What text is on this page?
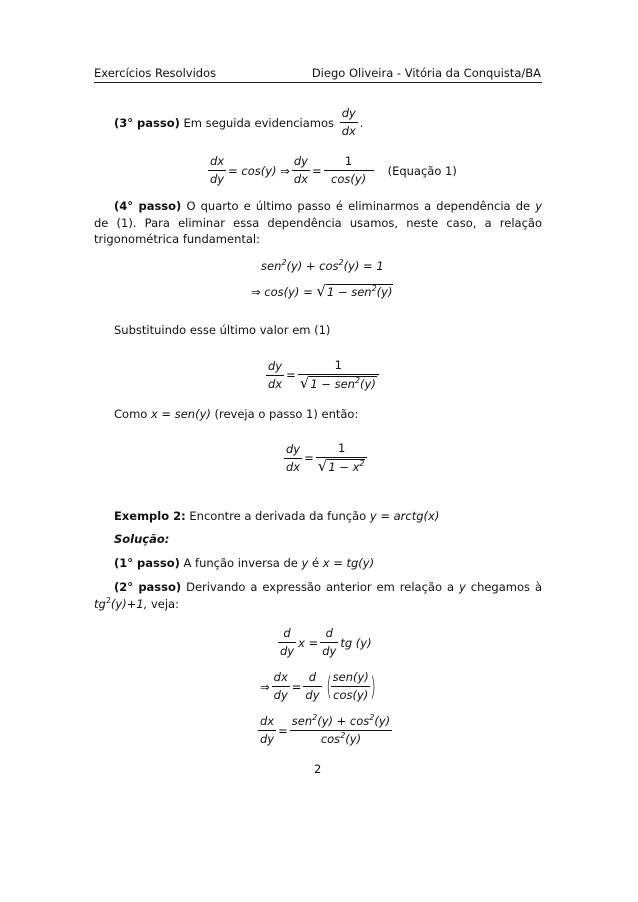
Exercícios Resolvidos	Diego Oliveira - Vitória da Conquista/BA
(3° passo)
Em seguida evidenciamos
$\frac{dy}{dx}$ .
$\frac{dx}{dy} = \cos(y)$ ⇒ $\frac{dy}{dx} = \frac{1}{\cos(y)}$ (Equação 1)
(4° passo) O quarto e último passo é eliminarmos a dependência de y de (1). Para eliminar essa dependência usamos, neste caso, a relação trigonométrica fundamental:
$sen^2(y) + \cos^2(y) = 1$
⇒ cos(y) =
√ 1 − sen$^2$(y)
Substituindo esse último valor em (1)
$\frac{dy}{dx} = \frac{1}{√ 1 - sen^2(y)}$
Como x = sen(y) (reveja o passo 1) então:
$\frac{dy}{dx} = \frac{1}{√ 1 - x^2}$
Exemplo 2: Encontre a derivada da função y = arctg(x)
Solução:
(1° passo) A função inversa de y é x = tg(y)
(2° passo) Derivando a expressão anterior em relação a y chegamos à $tg^2(y)+1$, veja:
$\frac{d}{dy}$ $x = \frac{d}{dy}$ tg (y)
⇒ $\frac{dx}{dy} = \frac{d}{dy}$ ( $\frac{\text{sen(y)}}{\cos(y)}$ )
$\frac{dx}{dy} = \frac{sen^2(y) + \cos^2(y)}{\cos^2(y)}$
2
